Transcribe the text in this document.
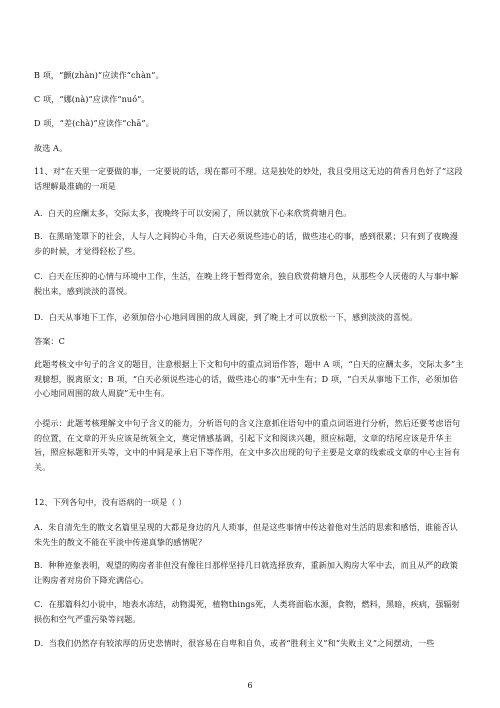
B 项，“颤(zhàn)”应读作“chàn”。
C 项，“娜(nà)”应读作“nuó”。
D 项，“差(chà)”应读作“chā”。
故选 A。
11、对“在天里一定要做的事，一定要说的话，现在都可不理。这是独处的妙处，我且受用这无边的荷香月色好了”这段话理解最准确的一项是
A．白天的应酬太多，交际太多，夜晚终于可以安闲了，所以就放下心来欣赏荷塘月色。
B．在黑暗笼罩下的社会，人与人之间钩心斗角，白天必须说些违心的话，做些违心的事，感到很累；只有到了夜晚漫步的时候，才觉得轻松了些。
C．白天在压抑的心情与环境中工作，生活，在晚上终于暂得宽余，独自欣赏荷塘月色，从那些令人厌倦的人与事中解脱出来，感到淡淡的喜悦。
D．白天从事地下工作，必须加倍小心地同周围的敌人周旋，到了晚上才可以放松一下，感到淡淡的喜悦。
答案：C
此题考核文中句子的含义的题目，注意根据上下文和句中的重点词语作答，题中 A 项，“白天的应酬太多，交际太多”主观臆想，脱离原文；B 项，“白天必须说些违心的话，做些违心的事”无中生有；D 项，“白天从事地下工作，必须加倍小心地同周围的敌人周旋”无中生有。
小提示：此题考核理解文中句子含义的能力，分析语句的含义注意抓住语句中的重点词语进行分析，然后还要考虑语句的位置，在文章的开头应该是统领全文，奠定情感基调，引起下文和阅读兴趣，照应标题，文章的结尾应该是升华主旨，照应标题和开头等，文中的中间是承上启下等作用，在文中多次出现的句子主要是文章的线索或文章的中心主旨有关。
12、下列各句中，没有语病的一项是（ ）
A．朱自清先生的散文名篇里呈现的大都是身边的凡人琐事，但是这些事情中传达着他对生活的思索和感悟，谁能否认朱先生的散文不能在平淡中传递真挚的感情呢？
B．种种迹象表明，观望的购房者非但没有像往日那样坚持几日就选择放弃，重新加入购房大军中去，而且从严的政策让购房者对房价下降充满信心。
C．在那篇科幻小说中，地表水冻结，动物渴死，植物things死，人类将面临水源，食物，燃料，黑暗，疾病，强辐射损伤和空气严重污染等问题。
D．当我们仍然存有较浓厚的历史悲情时，很容易在自卑和自负，或者“胜利主义”和“失败主义”之间摆动，一些
6
